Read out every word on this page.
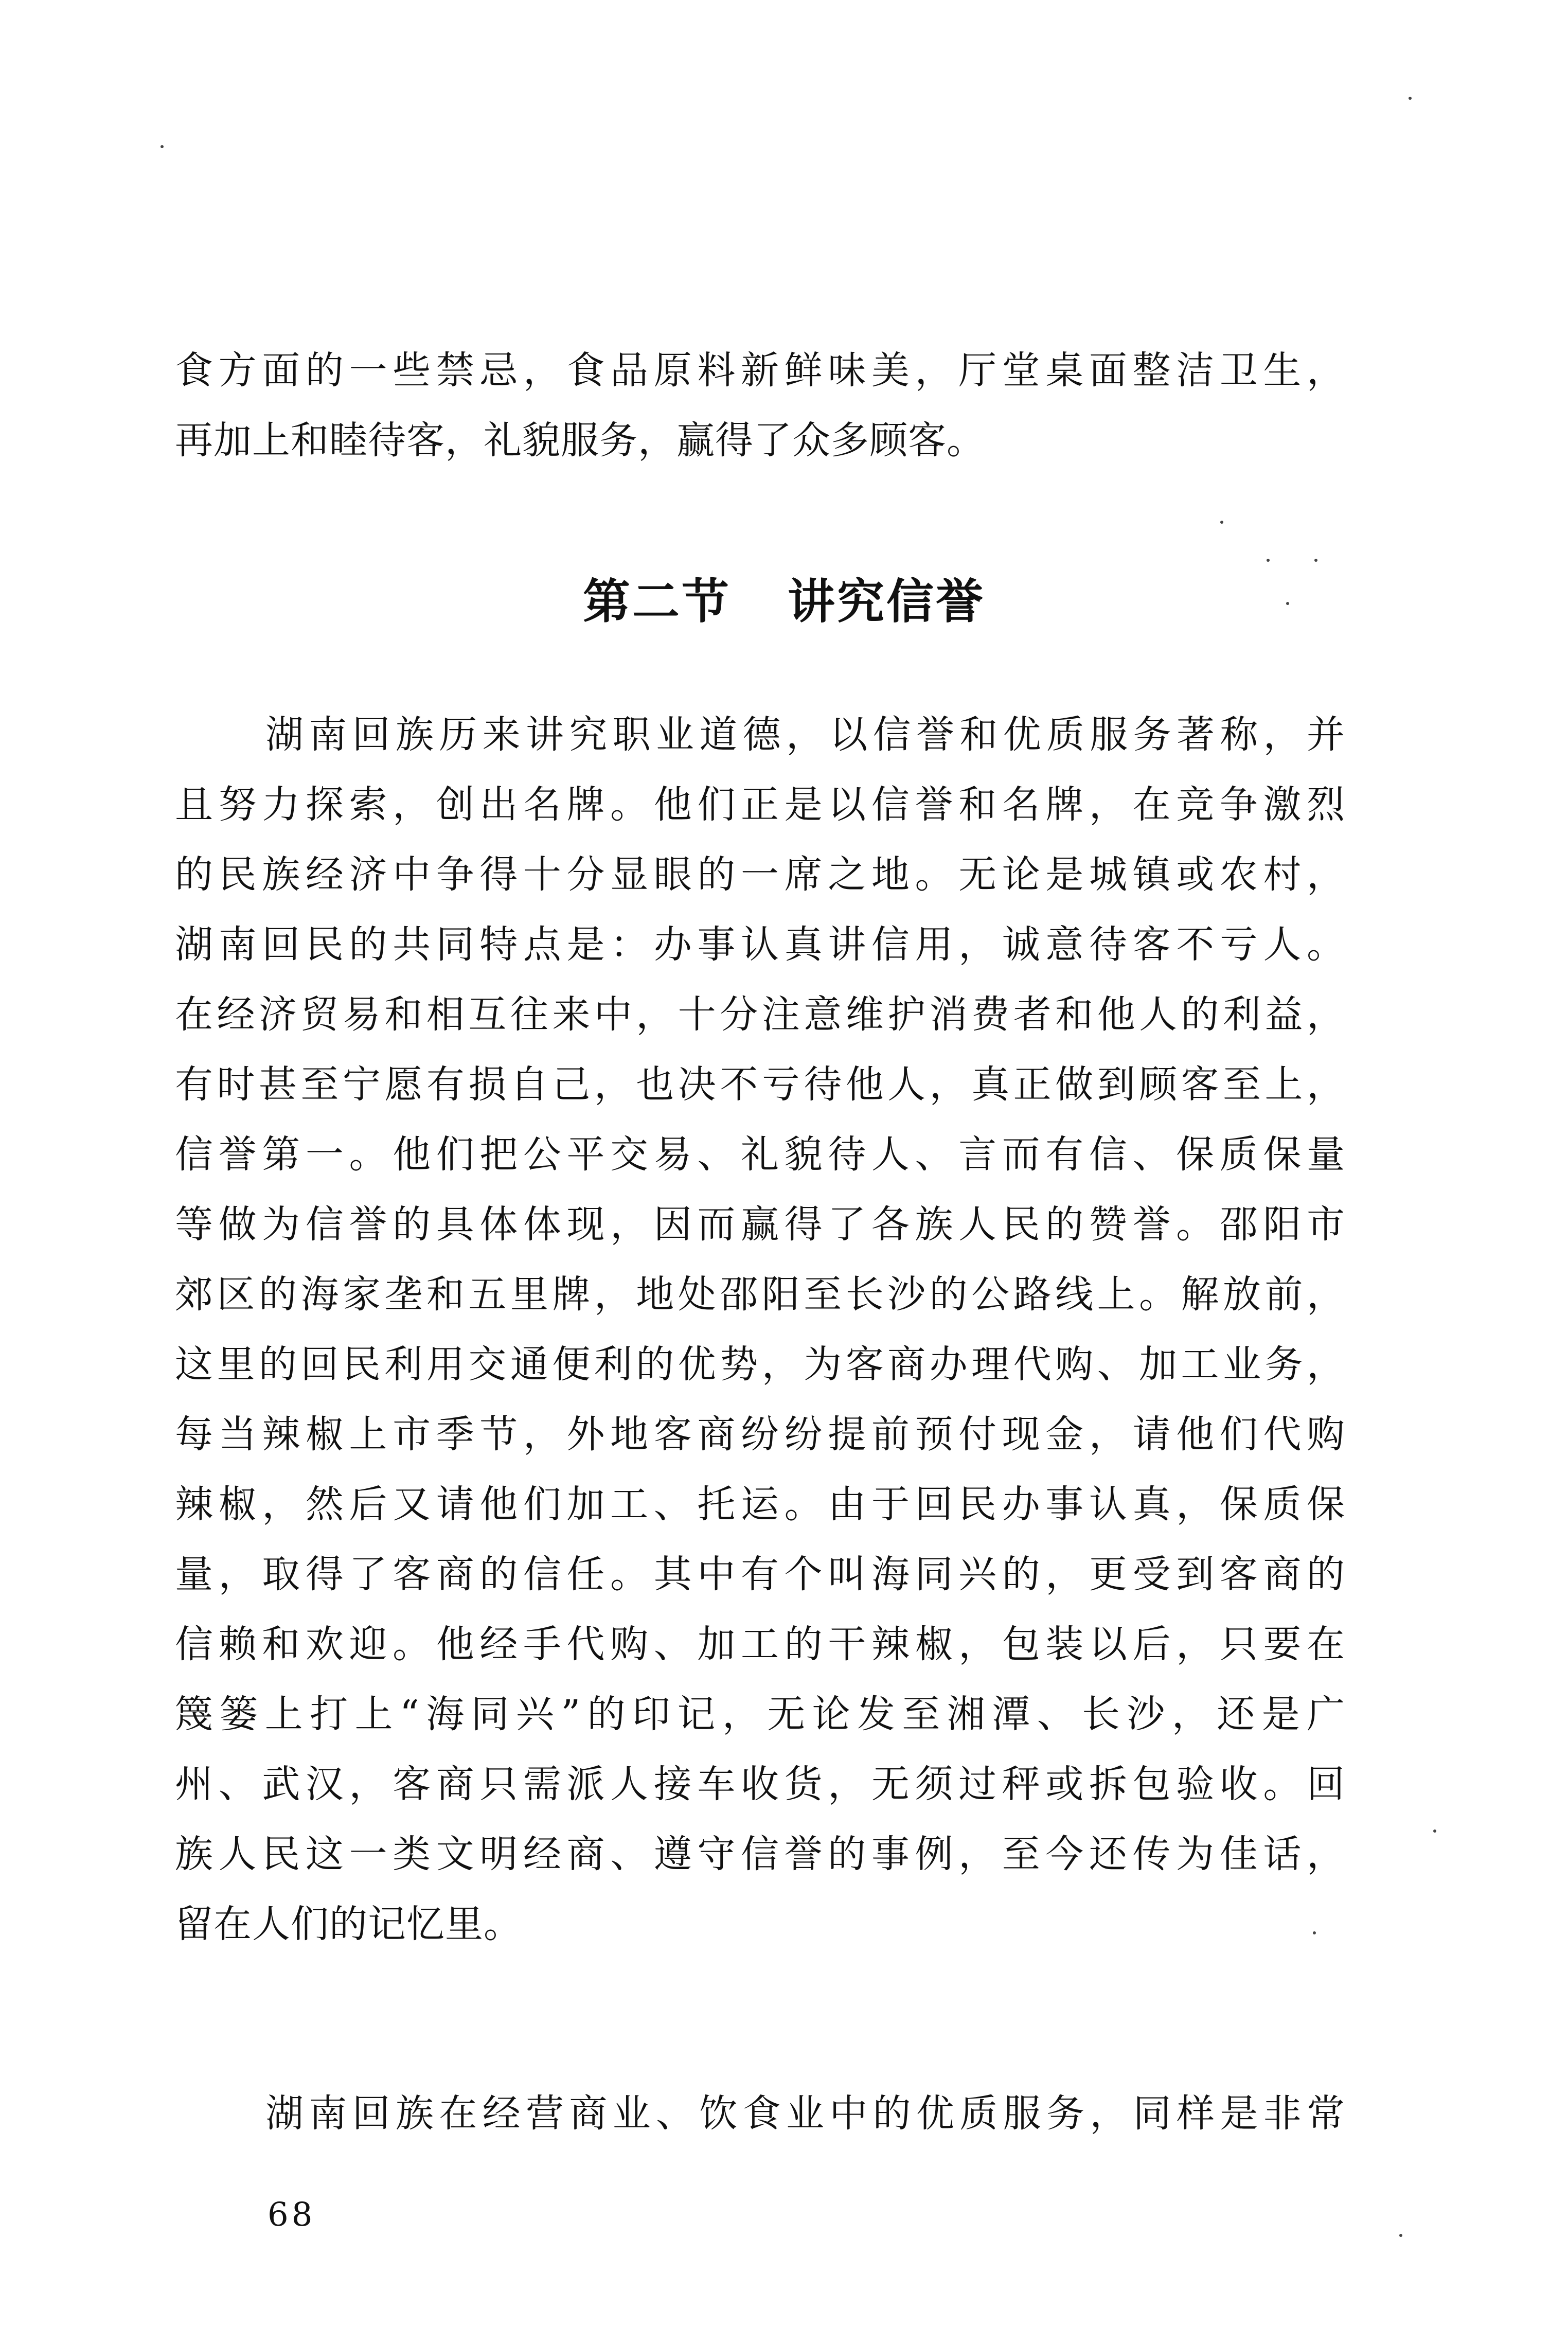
食方面的一些禁忌，食品原料新鲜味美，厅堂桌面整洁卫生，
再加上和睦待客，礼貌服务，赢得了众多顾客。
第二节 讲究信誉
湖南回族历来讲究职业道德，以信誉和优质服务著称，并
且努力探索，创出名牌。他们正是以信誉和名牌，在竞争激烈
的民族经济中争得十分显眼的一席之地。无论是城镇或农村，
湖南回民的共同特点是：办事认真讲信用，诚意待客不亏人。
在经济贸易和相互往来中，十分注意维护消费者和他人的利益，
有时甚至宁愿有损自己，也决不亏待他人，真正做到顾客至上，
信誉第一。他们把公平交易、礼貌待人、言而有信、保质保量
等做为信誉的具体体现，因而赢得了各族人民的赞誉。邵阳市
郊区的海家垄和五里牌，地处邵阳至长沙的公路线上。解放前，
这里的回民利用交通便利的优势，为客商办理代购、加工业务，
每当辣椒上市季节，外地客商纷纷提前预付现金，请他们代购
辣椒，然后又请他们加工、托运。由于回民办事认真，保质保
量，取得了客商的信任。其中有个叫海同兴的，更受到客商的
信赖和欢迎。他经手代购、加工的干辣椒，包装以后，只要在
篾篓上打上“海同兴”的印记，无论发至湘潭、长沙，还是广
州、武汉，客商只需派人接车收货，无须过秤或拆包验收。回
族人民这一类文明经商、遵守信誉的事例，至今还传为佳话，
留在人们的记忆里。
湖南回族在经营商业、饮食业中的优质服务，同样是非常
68
